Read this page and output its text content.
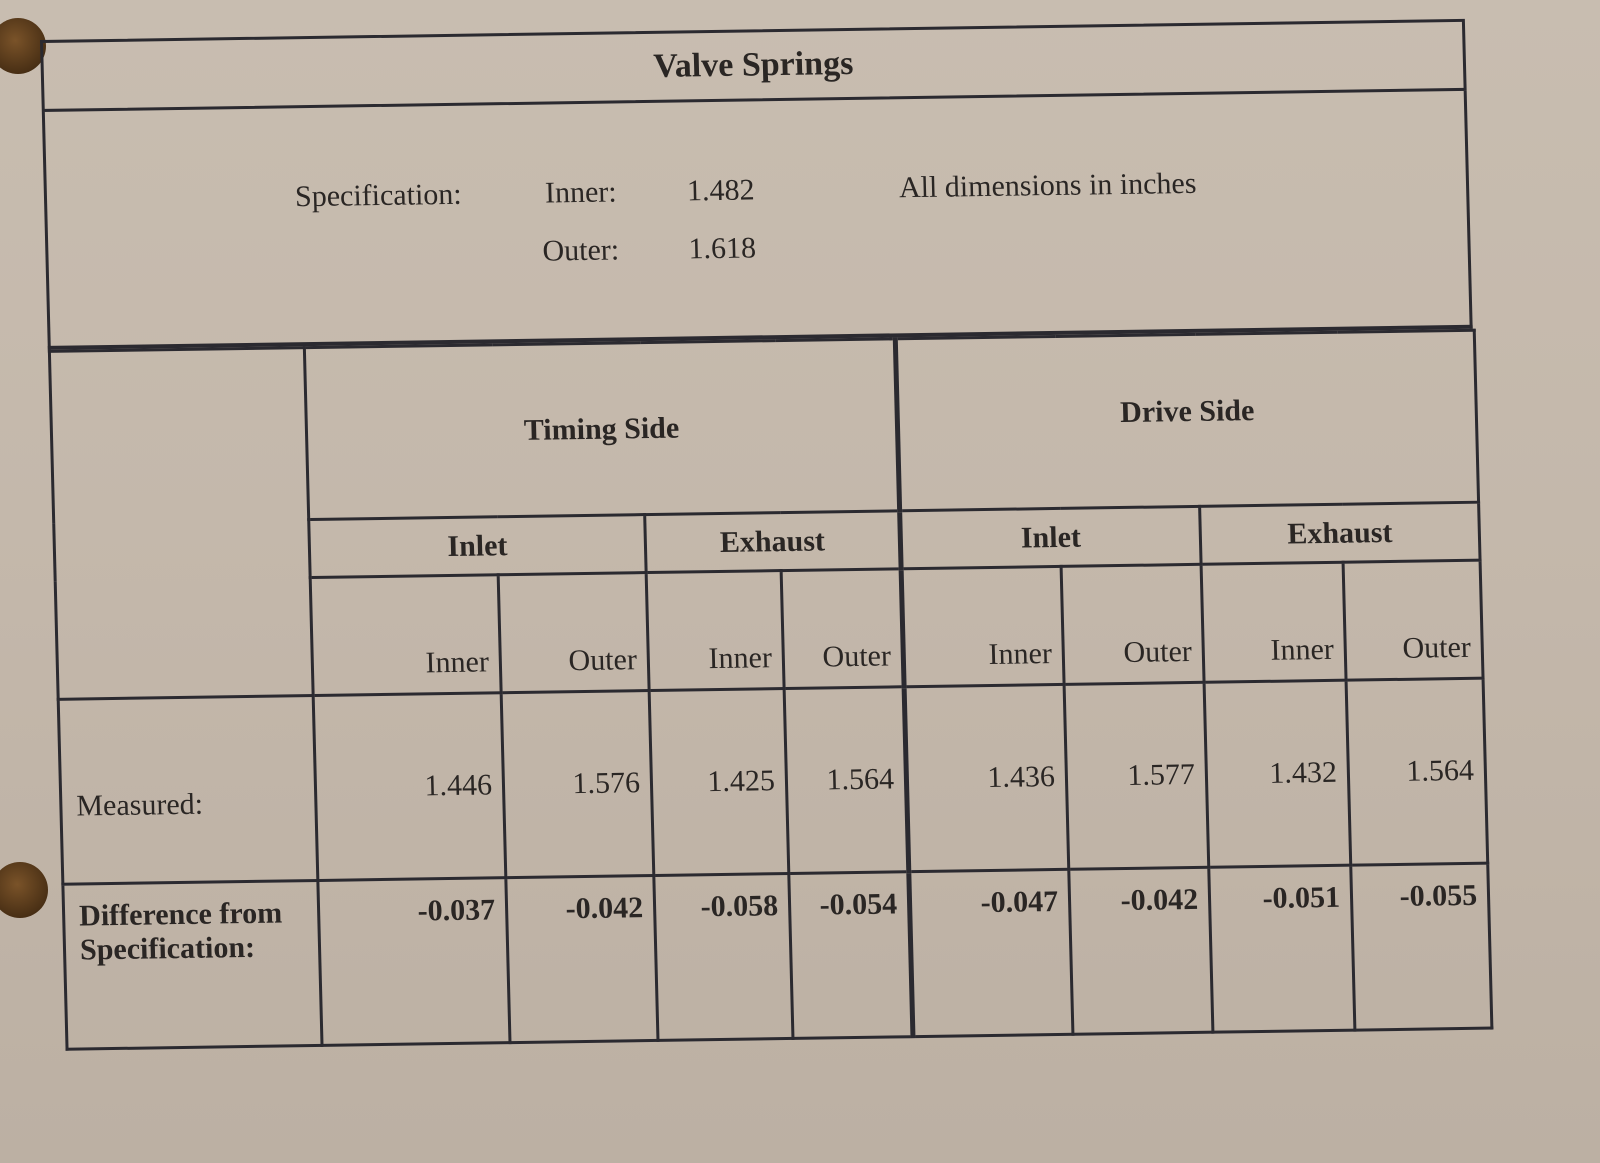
Valve Springs
Specification:	Inner: 1.482
Outer: 1.618
All dimensions in inches
	Timing Side				Drive Side			
	Inlet		Exhaust		Inlet		Exhaust	
	Inner	Outer	Inner	Outer	Inner	Outer	Inner	Outer
Measured:	1.446	1.576	1.425	1.564	1.436	1.577	1.432	1.564

Difference from
Specification:	-0.037	-0.042	-0.058	-0.054	-0.047	-0.042	-0.051	-0.055
